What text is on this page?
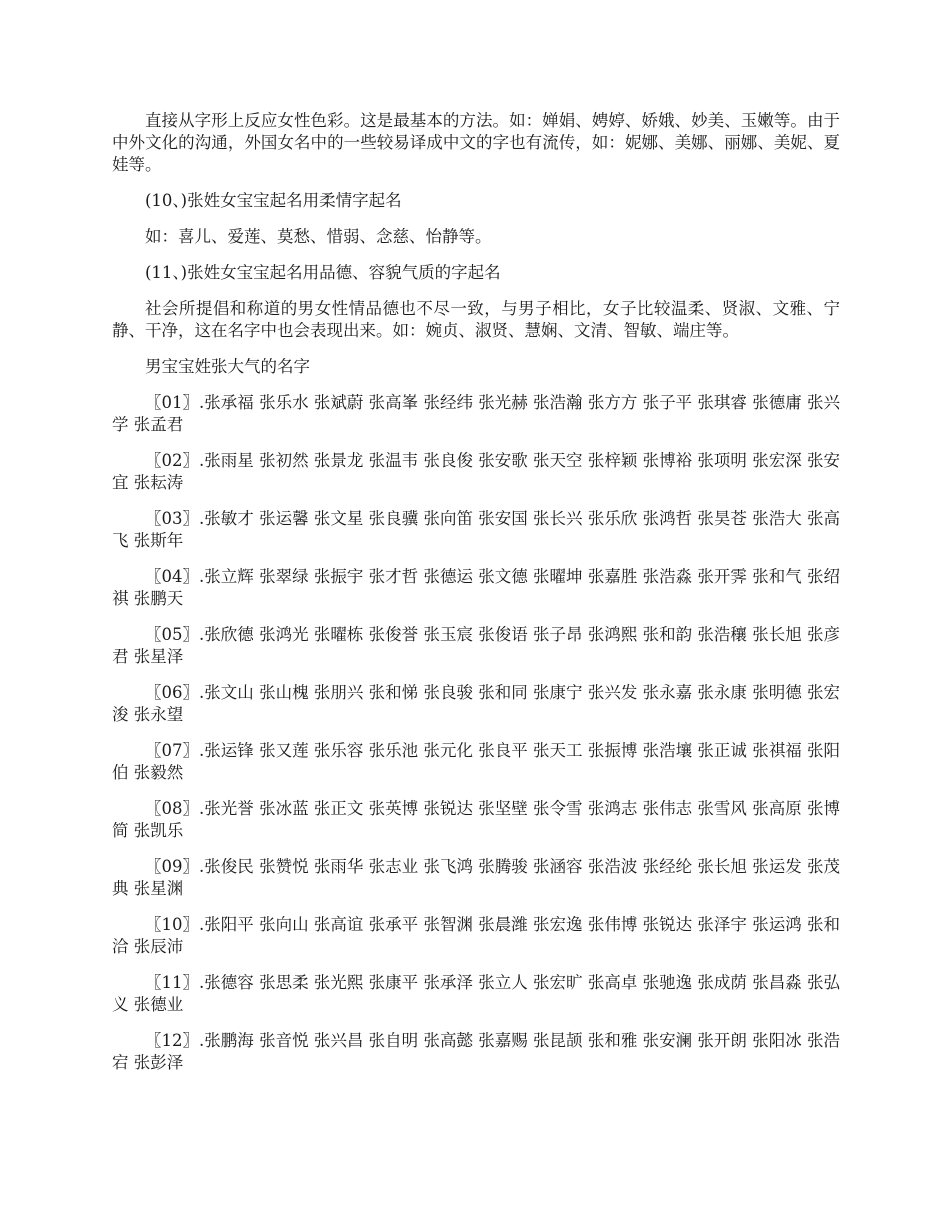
直接从字形上反应女性色彩。这是最基本的方法。如：婵娟、娉婷、娇娥、妙美、玉嫩等。由于中外文化的沟通，外国女名中的一些较易译成中文的字也有流传，如：妮娜、美娜、丽娜、美妮、夏娃等。

(10、)张姓女宝宝起名用柔情字起名

如：喜儿、爱莲、莫愁、惜弱、念慈、怡静等。

(11、)张姓女宝宝起名用品德、容貌气质的字起名

社会所提倡和称道的男女性情品德也不尽一致，与男子相比，女子比较温柔、贤淑、文雅、宁静、干净，这在名字中也会表现出来。如：婉贞、淑贤、慧娴、文清、智敏、端庄等。

男宝宝姓张大气的名字

〖01〗.张承福 张乐水 张斌蔚 张高峯 张经纬 张光赫 张浩瀚 张方方 张子平 张琪睿 张德庸 张兴学 张孟君

〖02〗.张雨星 张初然 张景龙 张温韦 张良俊 张安歌 张天空 张梓颖 张博裕 张项明 张宏深 张安宜 张耘涛

〖03〗.张敏才 张运馨 张文星 张良骥 张向笛 张安国 张长兴 张乐欣 张鸿哲 张昊苍 张浩大 张高飞 张斯年

〖04〗.张立辉 张翠绿 张振宇 张才哲 张德运 张文德 张曜坤 张嘉胜 张浩淼 张开霁 张和气 张绍祺 张鹏天

〖05〗.张欣德 张鸿光 张曜栋 张俊誉 张玉宸 张俊语 张子昂 张鸿熙 张和韵 张浩穰 张长旭 张彦君 张星泽

〖06〗.张文山 张山槐 张朋兴 张和悌 张良骏 张和同 张康宁 张兴发 张永嘉 张永康 张明德 张宏浚 张永望

〖07〗.张运锋 张又莲 张乐容 张乐池 张元化 张良平 张天工 张振博 张浩壤 张正诚 张祺福 张阳伯 张毅然

〖08〗.张光誉 张冰蓝 张正文 张英博 张锐达 张坚壁 张令雪 张鸿志 张伟志 张雪风 张高原 张博简 张凯乐

〖09〗.张俊民 张赞悦 张雨华 张志业 张飞鸿 张腾骏 张涵容 张浩波 张经纶 张长旭 张运发 张茂典 张星渊

〖10〗.张阳平 张向山 张高谊 张承平 张智渊 张晨潍 张宏逸 张伟博 张锐达 张泽宇 张运鸿 张和洽 张辰沛

〖11〗.张德容 张思柔 张光熙 张康平 张承泽 张立人 张宏旷 张高卓 张驰逸 张成荫 张昌淼 张弘义 张德业

〖12〗.张鹏海 张音悦 张兴昌 张自明 张高懿 张嘉赐 张昆颉 张和雅 张安澜 张开朗 张阳冰 张浩宕 张彭泽
